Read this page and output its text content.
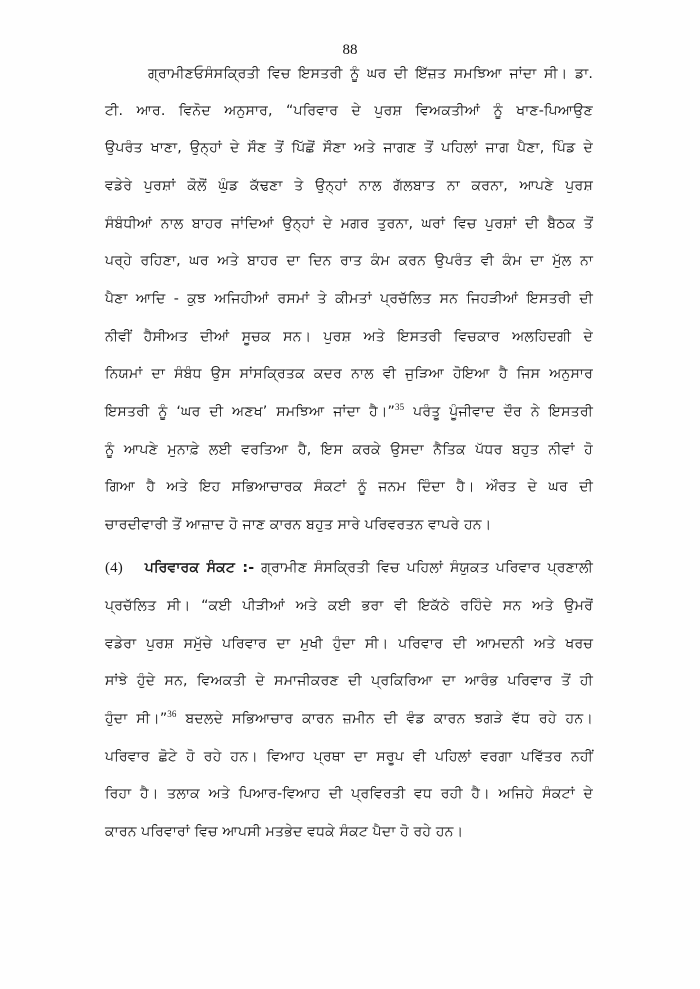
88
ਗ੍ਰਾਮੀਣਓਸੰਸਕ੍ਰਿਤੀ ਵਿਚ ਇਸਤਰੀ ਨੂੰ ਘਰ ਦੀ ਇੱਜ਼ਤ ਸਮਝਿਆ ਜਾਂਦਾ ਸੀ। ਡਾ.
ਟੀ. ਆਰ. ਵਿਨੋਦ ਅਨੁਸਾਰ, “ਪਰਿਵਾਰ ਦੇ ਪੁਰਸ਼ ਵਿਅਕਤੀਆਂ ਨੂੰ ਖਾਣ-ਪਿਆਉਣ
ਉਪਰੰਤ ਖਾਣਾ, ਉਨ੍ਹਾਂ ਦੇ ਸੌਣ ਤੋਂ ਪਿੱਛੋਂ ਸੌਣਾ ਅਤੇ ਜਾਗਣ ਤੋਂ ਪਹਿਲਾਂ ਜਾਗ ਪੈਣਾ, ਪਿੰਡ ਦੇ
ਵਡੇਰੇ ਪੁਰਸ਼ਾਂ ਕੋਲੋਂ ਘੁੰਡ ਕੱਢਣਾ ਤੇ ਉਨ੍ਹਾਂ ਨਾਲ ਗੱਲਬਾਤ ਨਾ ਕਰਨਾ, ਆਪਣੇ ਪੁਰਸ਼
ਸੰਬੰਧੀਆਂ ਨਾਲ ਬਾਹਰ ਜਾਂਦਿਆਂ ਉਨ੍ਹਾਂ ਦੇ ਮਗਰ ਤੁਰਨਾ, ਘਰਾਂ ਵਿਚ ਪੁਰਸ਼ਾਂ ਦੀ ਬੈਠਕ ਤੋਂ
ਪਰ੍ਹੇ ਰਹਿਣਾ, ਘਰ ਅਤੇ ਬਾਹਰ ਦਾ ਦਿਨ ਰਾਤ ਕੰਮ ਕਰਨ ਉਪਰੰਤ ਵੀ ਕੰਮ ਦਾ ਮੁੱਲ ਨਾ
ਪੈਣਾ ਆਦਿ - ਕੁਝ ਅਜਿਹੀਆਂ ਰਸਮਾਂ ਤੇ ਕੀਮਤਾਂ ਪ੍ਰਚੱਲਿਤ ਸਨ ਜਿਹੜੀਆਂ ਇਸਤਰੀ ਦੀ
ਨੀਵੀਂ ਹੈਸੀਅਤ ਦੀਆਂ ਸੂਚਕ ਸਨ। ਪੁਰਸ਼ ਅਤੇ ਇਸਤਰੀ ਵਿਚਕਾਰ ਅਲਹਿਦਗੀ ਦੇ
ਨਿਯਮਾਂ ਦਾ ਸੰਬੰਧ ਉਸ ਸਾਂਸਕ੍ਰਿਤਕ ਕਦਰ ਨਾਲ ਵੀ ਜੁੜਿਆ ਹੋਇਆ ਹੈ ਜਿਸ ਅਨੁਸਾਰ
ਇਸਤਰੀ ਨੂੰ ‘ਘਰ ਦੀ ਅਣਖ’ ਸਮਝਿਆ ਜਾਂਦਾ ਹੈ।”$^{35}$ ਪਰੰਤੂ ਪੂੰਜੀਵਾਦ ਦੌਰ ਨੇ ਇਸਤਰੀ
ਨੂੰ ਆਪਣੇ ਮੁਨਾਫ਼ੇ ਲਈ ਵਰਤਿਆ ਹੈ, ਇਸ ਕਰਕੇ ਉਸਦਾ ਨੈਤਿਕ ਪੱਧਰ ਬਹੁਤ ਨੀਵਾਂ ਹੋ
ਗਿਆ ਹੈ ਅਤੇ ਇਹ ਸਭਿਆਚਾਰਕ ਸੰਕਟਾਂ ਨੂੰ ਜਨਮ ਦਿੰਦਾ ਹੈ। ਔਰਤ ਦੇ ਘਰ ਦੀ
ਚਾਰਦੀਵਾਰੀ ਤੋਂ ਆਜ਼ਾਦ ਹੋ ਜਾਣ ਕਾਰਨ ਬਹੁਤ ਸਾਰੇ ਪਰਿਵਰਤਨ ਵਾਪਰੇ ਹਨ।
(4) ਪਰਿਵਾਰਕ ਸੰਕਟ :- ਗ੍ਰਾਮੀਣ ਸੰਸਕ੍ਰਿਤੀ ਵਿਚ ਪਹਿਲਾਂ ਸੰਯੁਕਤ ਪਰਿਵਾਰ ਪ੍ਰਣਾਲੀ
ਪ੍ਰਚੱਲਿਤ ਸੀ। “ਕਈ ਪੀੜੀਆਂ ਅਤੇ ਕਈ ਭਰਾ ਵੀ ਇਕੱਠੇ ਰਹਿੰਦੇ ਸਨ ਅਤੇ ਉਮਰੋਂ
ਵਡੇਰਾ ਪੁਰਸ਼ ਸਮੁੱਚੇ ਪਰਿਵਾਰ ਦਾ ਮੁਖੀ ਹੁੰਦਾ ਸੀ। ਪਰਿਵਾਰ ਦੀ ਆਮਦਨੀ ਅਤੇ ਖਰਚ
ਸਾਂਝੇ ਹੁੰਦੇ ਸਨ, ਵਿਅਕਤੀ ਦੇ ਸਮਾਜੀਕਰਣ ਦੀ ਪ੍ਰਕਿਰਿਆ ਦਾ ਆਰੰਭ ਪਰਿਵਾਰ ਤੋਂ ਹੀ
ਹੁੰਦਾ ਸੀ।”$^{36}$ ਬਦਲਦੇ ਸਭਿਆਚਾਰ ਕਾਰਨ ਜ਼ਮੀਨ ਦੀ ਵੰਡ ਕਾਰਨ ਝਗੜੇ ਵੱਧ ਰਹੇ ਹਨ।
ਪਰਿਵਾਰ ਛੋਟੇ ਹੋ ਰਹੇ ਹਨ। ਵਿਆਹ ਪ੍ਰਥਾ ਦਾ ਸਰੂਪ ਵੀ ਪਹਿਲਾਂ ਵਰਗਾ ਪਵਿੱਤਰ ਨਹੀਂ
ਰਿਹਾ ਹੈ। ਤਲਾਕ ਅਤੇ ਪਿਆਰ-ਵਿਆਹ ਦੀ ਪ੍ਰਵਿਰਤੀ ਵਧ ਰਹੀ ਹੈ। ਅਜਿਹੇ ਸੰਕਟਾਂ ਦੇ
ਕਾਰਨ ਪਰਿਵਾਰਾਂ ਵਿਚ ਆਪਸੀ ਮਤਭੇਦ ਵਧਕੇ ਸੰਕਟ ਪੈਦਾ ਹੋ ਰਹੇ ਹਨ।
